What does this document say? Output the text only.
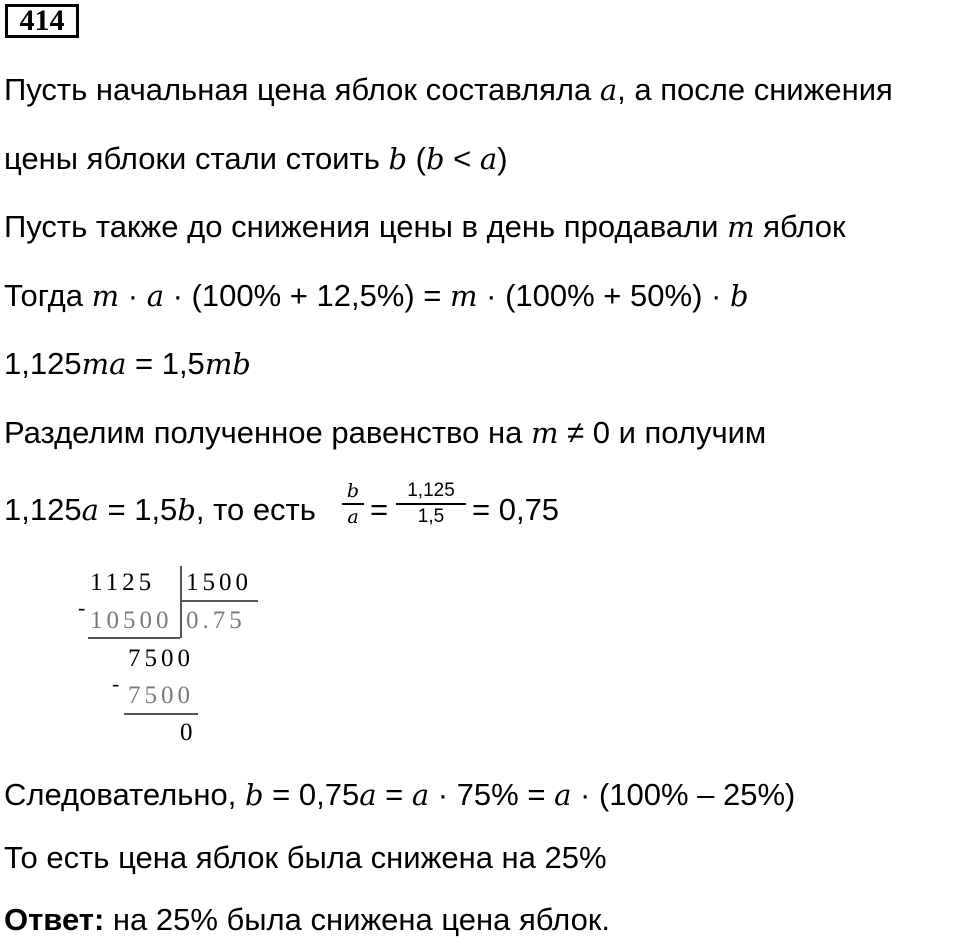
414
Пусть начальная цена яблок составляла a, а после снижения
цены яблоки стали стоить b (b < a)
Пусть также до снижения цены в день продавали m яблок
Тогда m · a · (100% + 12,5%) = m · (100% + 50%) · b
1,125ma = 1,5mb
Разделим полученное равенство на m ≠ 0 и получим
1,125a = 1,5b, то есть
b
a =
1,125
1,5 = 0,75
1125 1500
- 10500 0.75
7500
- 7500
0
Следовательно, b = 0,75a = a · 75% = a · (100% – 25%)
То есть цена яблок была снижена на 25%
Ответ: на 25% была снижена цена яблок.
